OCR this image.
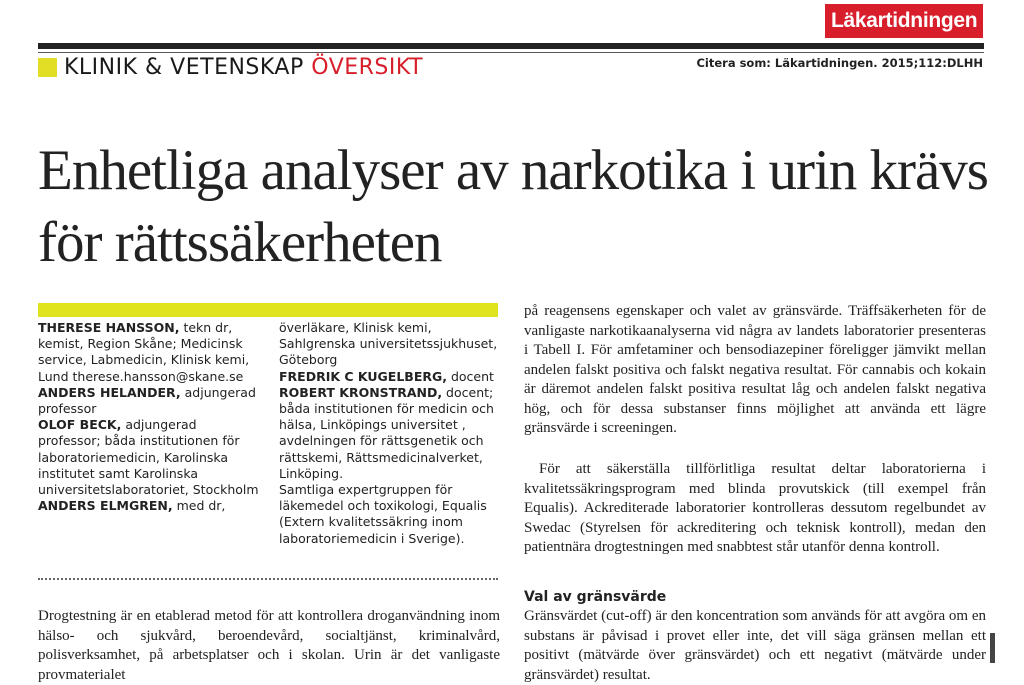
Läkartidningen
KLINIK & VETENSKAP ÖVERSIKT	Citera som: Läkartidningen. 2015;112:DLHH
Enhetliga analyser av narkotika i urin krävs för rättssäkerheten
THERESE HANSSON, tekn dr, kemist, Region Skåne; Medicinsk service, Labmedicin, Klinisk kemi, Lund therese.hansson@skane.se
ANDERS HELANDER, adjungerad professor
OLOF BECK, adjungerad professor; båda institutionen för laboratoriemedicin, Karolinska institutet samt Karolinska universitetslaboratoriet, Stockholm
ANDERS ELMGREN, med dr,
överläkare, Klinisk kemi, Sahlgrenska universitetssjukhuset, Göteborg
FREDRIK C KUGELBERG, docent
ROBERT KRONSTRAND, docent; båda institutionen för medicin och hälsa, Linköpings universitet , avdelningen för rättsgenetik och rättskemi, Rättsmedicinalverket, Linköping.
Samtliga expertgruppen för läkemedel och toxikologi, Equalis (Extern kvalitetssäkring inom laboratoriemedicin i Sverige).

Drogtestning är en etablerad metod för att kontrollera droganvändning inom hälso- och sjukvård, beroendevård, socialtjänst, kriminalvård, polisverksamhet, på arbetsplatser och i skolan. Urin är det vanligaste provmaterialet

på reagensens egenskaper och valet av gränsvärde. Träffsäkerheten för de vanligaste narkotikaanalyserna vid några av landets laboratorier presenteras i Tabell I. För amfetaminer och bensodiazepiner föreligger jämvikt mellan andelen falskt positiva och falskt negativa resultat. För cannabis och kokain är däremot andelen falskt positiva resultat låg och andelen falskt negativa hög, och för dessa substanser finns möjlighet att använda ett lägre gränsvärde i screeningen.

För att säkerställa tillförlitliga resultat deltar laboratorierna i kvalitetssäkringsprogram med blinda provutskick (till exempel från Equalis). Ackrediterade laboratorier kontrolleras dessutom regelbundet av Swedac (Styrelsen för ackreditering och teknisk kontroll), medan den patientnära drogtestningen med snabbtest står utanför denna kontroll.

Val av gränsvärde

Gränsvärdet (cut-off) är den koncentration som används för att avgöra om en substans är påvisad i provet eller inte, det vill säga gränsen mellan ett positivt (mätvärde över gränsvärdet) och ett negativt (mätvärde under gränsvärdet) resultat.
